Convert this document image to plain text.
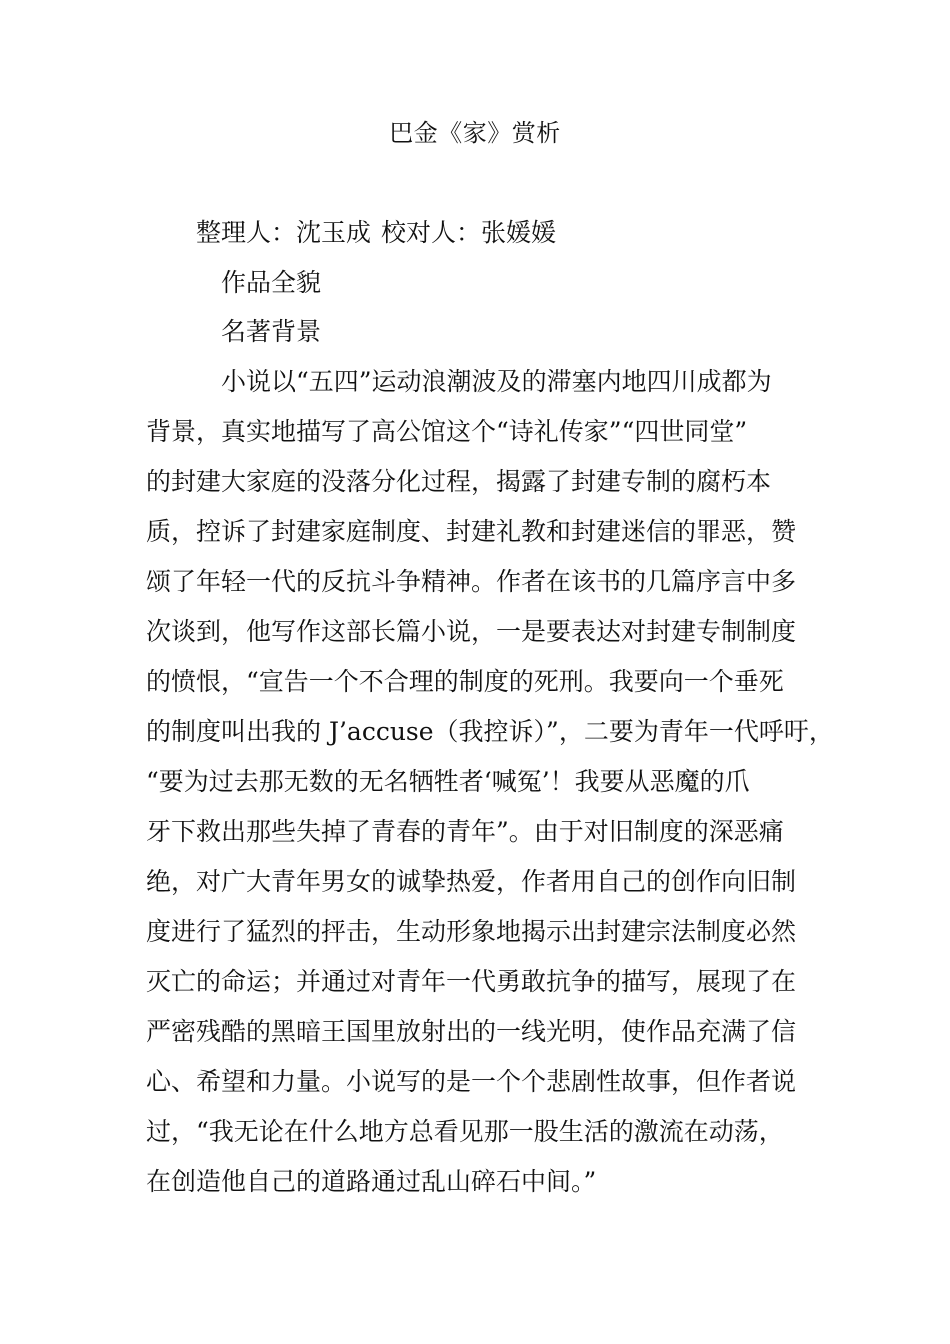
巴金《家》赏析
整理人：沈玉成 校对人：张媛媛
作品全貌
名著背景
小说以“五四”运动浪潮波及的滞塞内地四川成都为
背景，真实地描写了高公馆这个“诗礼传家”“四世同堂”
的封建大家庭的没落分化过程，揭露了封建专制的腐朽本
质，控诉了封建家庭制度、封建礼教和封建迷信的罪恶，赞
颂了年轻一代的反抗斗争精神。作者在该书的几篇序言中多
次谈到，他写作这部长篇小说，一是要表达对封建专制制度
的愤恨，“宣告一个不合理的制度的死刑。我要向一个垂死
的制度叫出我的 J’accuse（我控诉）”，二要为青年一代呼吁，
“要为过去那无数的无名牺牲者‘喊冤’！我要从恶魔的爪
牙下救出那些失掉了青春的青年”。由于对旧制度的深恶痛
绝，对广大青年男女的诚挚热爱，作者用自己的创作向旧制
度进行了猛烈的抨击，生动形象地揭示出封建宗法制度必然
灭亡的命运；并通过对青年一代勇敢抗争的描写，展现了在
严密残酷的黑暗王国里放射出的一线光明，使作品充满了信
心、希望和力量。小说写的是一个个悲剧性故事，但作者说
过，“我无论在什么地方总看见那一股生活的激流在动荡，
在创造他自己的道路通过乱山碎石中间。”
